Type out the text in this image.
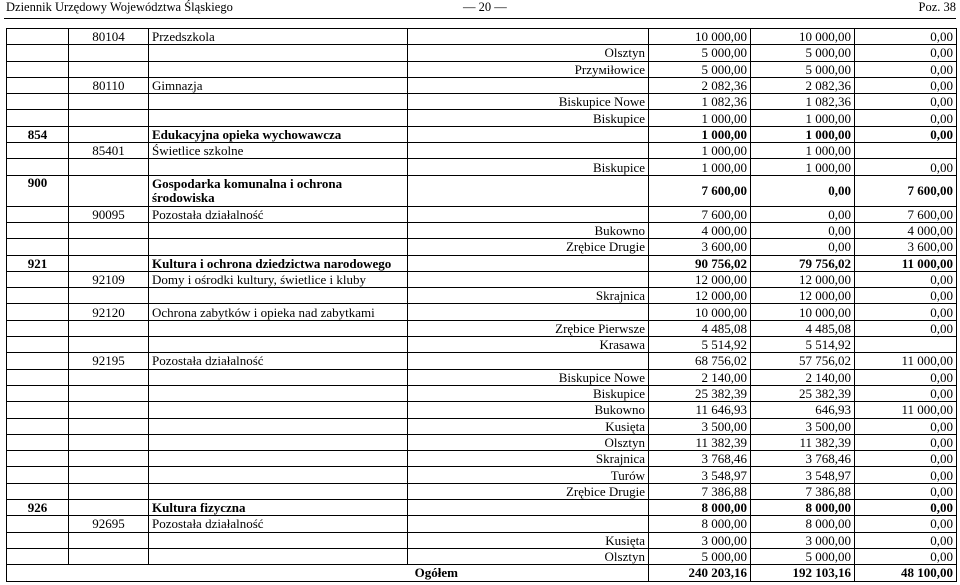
Dziennik Urzędowy Województwa Śląskiego	— 20 —	Poz. 38
	80104	Przedszkola		10 000,00	10 000,00	0,00
			Olsztyn	5 000,00	5 000,00	0,00
			Przyміłowice	5 000,00	5 000,00	0,00
	80110	Gimnazja		2 082,36	2 082,36	0,00
			Biskupice Nowe	1 082,36	1 082,36	0,00
			Biskupice	1 000,00	1 000,00	0,00
854		Edukacyjna opieka wychowawcza		1 000,00	1 000,00	0,00
	85401	Świetlice szkolne		1 000,00	1 000,00	
			Biskupice	1 000,00	1 000,00	0,00
900		Gospodarka komunalna i ochrona środowiska		7 600,00	0,00	7 600,00
	90095	Pozostała działalność		7 600,00	0,00	7 600,00
			Bukowno	4 000,00	0,00	4 000,00
			Zrębice Drugie	3 600,00	0,00	3 600,00
921		Kultura i ochrona dziedzictwa narodowego		90 756,02	79 756,02	11 000,00
	92109	Domy i ośrodki kultury, świetlice i kluby		12 000,00	12 000,00	0,00
			Skrajnica	12 000,00	12 000,00	0,00
	92120	Ochrona zabytków i opieka nad zabytkami		10 000,00	10 000,00	0,00
			Zrębice Pierwsze	4 485,08	4 485,08	0,00
			Krasawa	5 514,92	5 514,92	
	92195	Pozostała działalność		68 756,02	57 756,02	11 000,00
			Biskupice Nowe	2 140,00	2 140,00	0,00
			Biskupice	25 382,39	25 382,39	0,00
			Bukowno	11 646,93	646,93	11 000,00
			Kusięta	3 500,00	3 500,00	0,00
			Olsztyn	11 382,39	11 382,39	0,00
			Skrajnica	3 768,46	3 768,46	0,00
			Turów	3 548,97	3 548,97	0,00
			Zrębice Drugie	7 386,88	7 386,88	0,00
926		Kultura fizyczna		8 000,00	8 000,00	0,00
	92695	Pozostała działalność		8 000,00	8 000,00	0,00
			Kusięta	3 000,00	3 000,00	0,00
			Olsztyn	5 000,00	5 000,00	0,00
Ogółem				240 203,16	192 103,16	48 100,00
